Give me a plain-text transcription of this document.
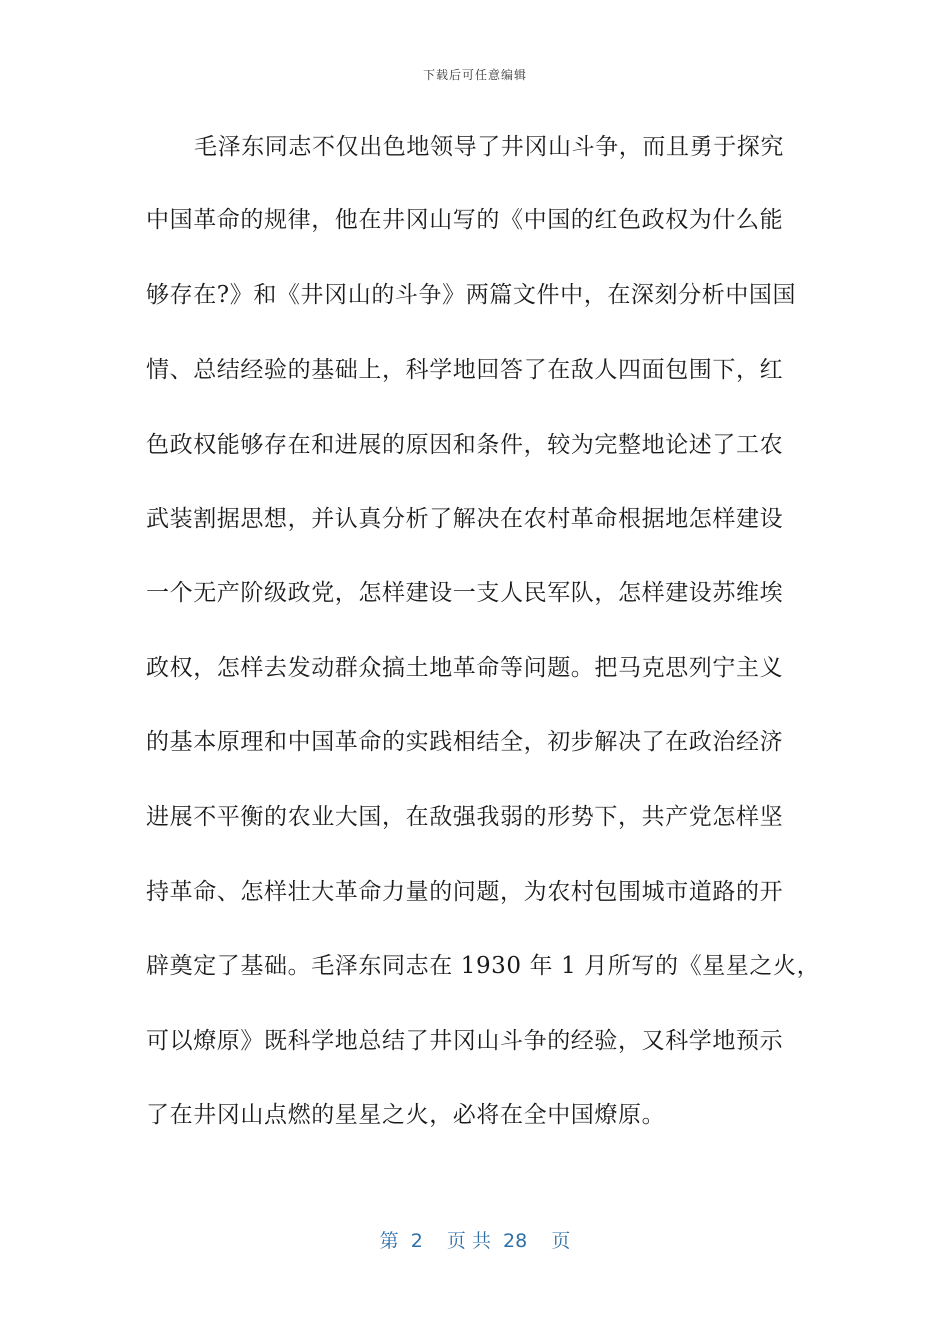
下载后可任意编辑
毛泽东同志不仅出色地领导了井冈山斗争，而且勇于探究
中国革命的规律，他在井冈山写的《中国的红色政权为什么能
够存在?》和《井冈山的斗争》两篇文件中，在深刻分析中国国
情、总结经验的基础上，科学地回答了在敌人四面包围下，红
色政权能够存在和进展的原因和条件，较为完整地论述了工农
武装割据思想，并认真分析了解决在农村革命根据地怎样建设
一个无产阶级政党，怎样建设一支人民军队，怎样建设苏维埃
政权，怎样去发动群众搞土地革命等问题。把马克思列宁主义
的基本原理和中国革命的实践相结全，初步解决了在政治经济
进展不平衡的农业大国，在敌强我弱的形势下，共产党怎样坚
持革命、怎样壮大革命力量的问题，为农村包围城市道路的开
辟奠定了基础。毛泽东同志在 1930 年 1 月所写的《星星之火，
可以燎原》既科学地总结了井冈山斗争的经验，又科学地预示
了在井冈山点燃的星星之火，必将在全中国燎原。
第  2    页 共  28    页
